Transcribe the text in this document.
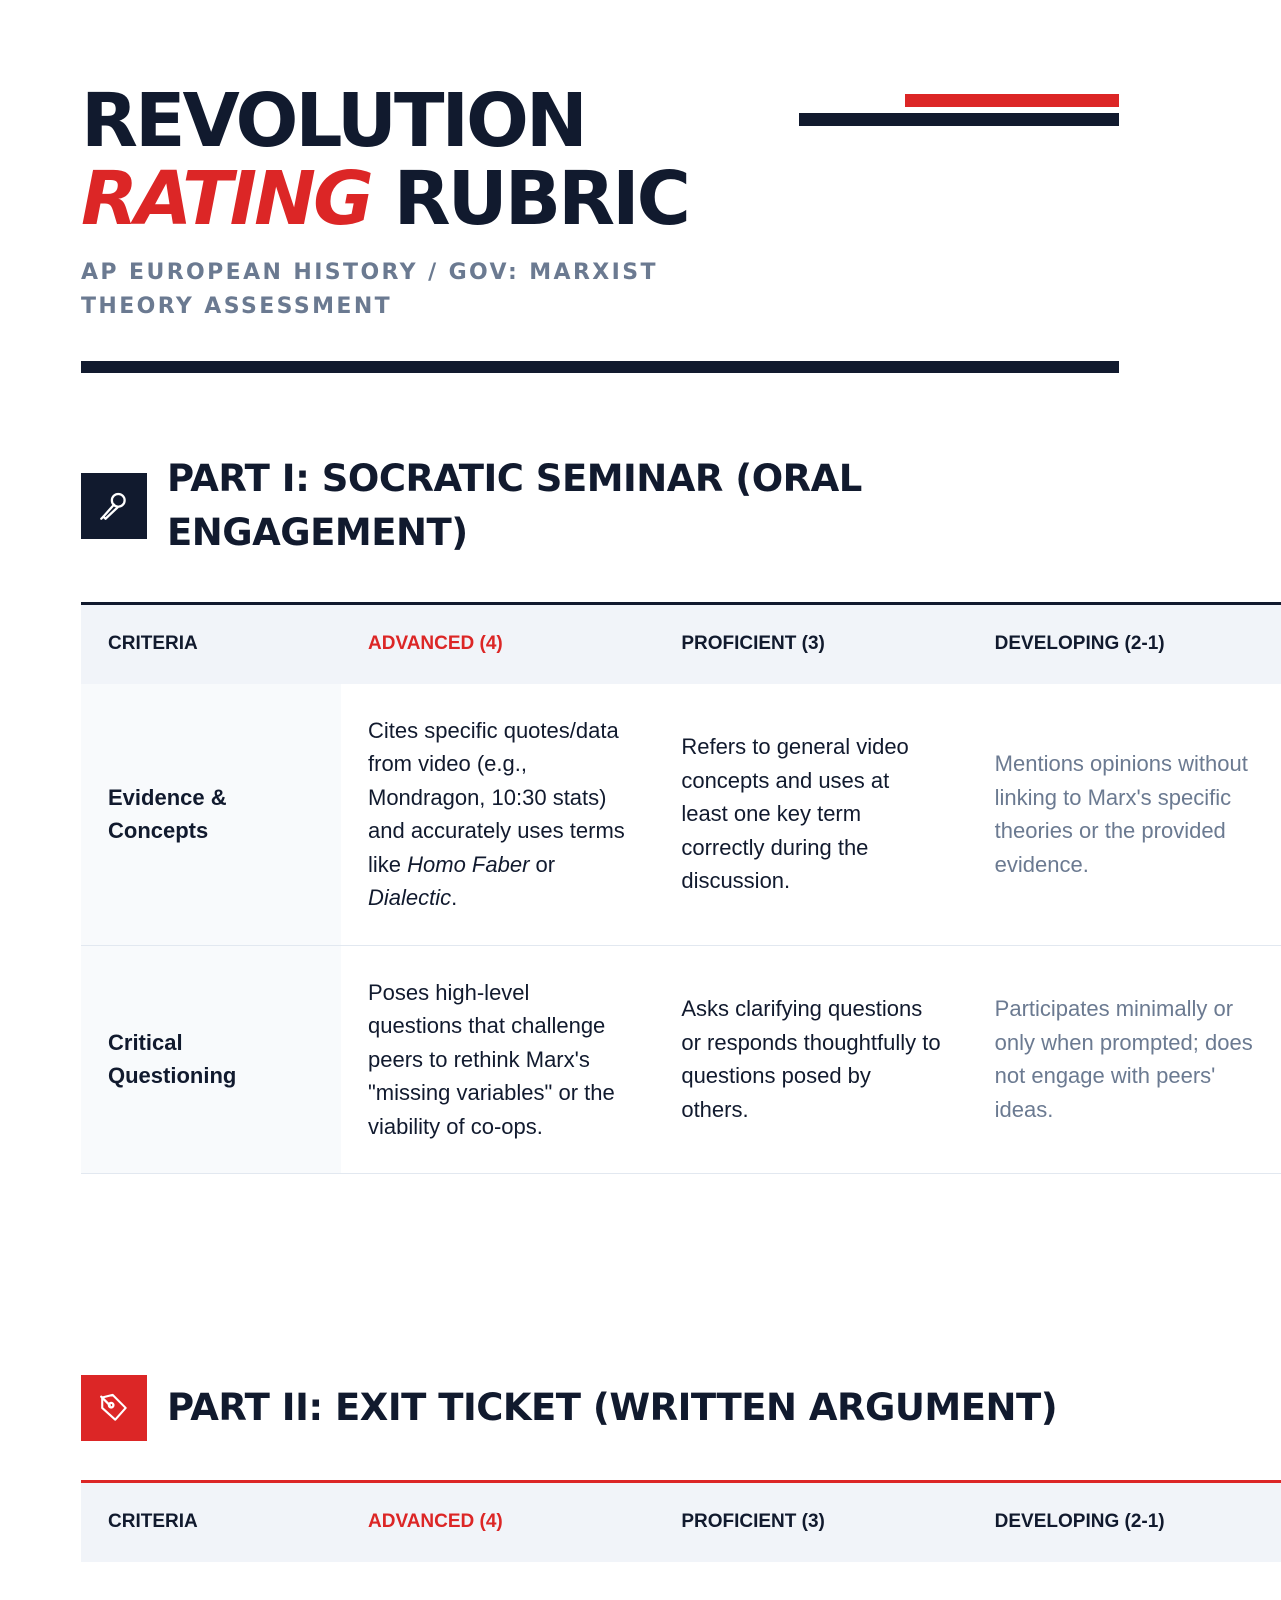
REVOLUTION
RATING RUBRIC
AP EUROPEAN HISTORY / GOV: MARXIST THEORY ASSESSMENT
PART I: SOCRATIC SEMINAR (ORAL ENGAGEMENT)
CRITERIA	ADVANCED (4)	PROFICIENT (3)	DEVELOPING (2-1)
Evidence & Concepts	Cites specific quotes/data from video (e.g., Mondragon, 10:30 stats) and accurately uses terms like Homo Faber or Dialectic.	Refers to general video concepts and uses at least one key term correctly during the discussion.	Mentions opinions without linking to Marx's specific theories or the provided evidence.
Critical Questioning	Poses high-level questions that challenge peers to rethink Marx's "missing variables" or the viability of co-ops.	Asks clarifying questions or responds thoughtfully to questions posed by others.	Participates minimally or only when prompted; does not engage with peers' ideas.
PART II: EXIT TICKET (WRITTEN ARGUMENT)
CRITERIA	ADVANCED (4)	PROFICIENT (3)	DEVELOPING (2-1)
